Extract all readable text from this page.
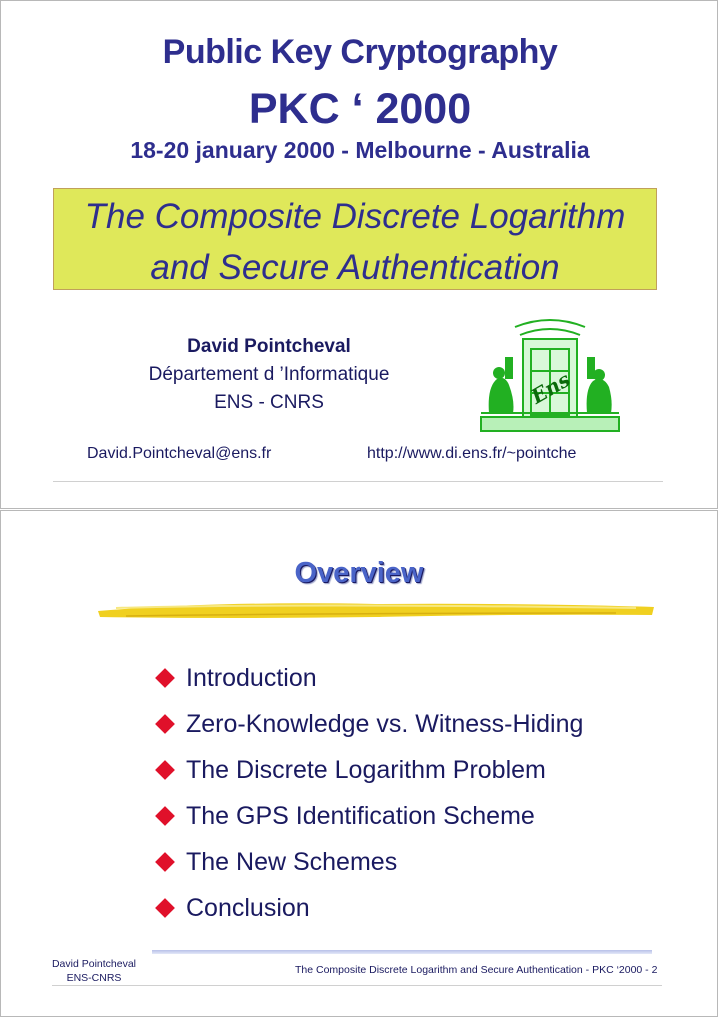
Public Key Cryptography
PKC ‘ 2000
18-20 january 2000 - Melbourne - Australia
The Composite Discrete Logarithm
and Secure Authentication
David Pointcheval
Département d ’Informatique
ENS - CNRS	Ens
David.Pointcheval@ens.fr	http://www.di.ens.fr/~pointche
Overview
Introduction
Zero-Knowledge vs. Witness-Hiding
The Discrete Logarithm Problem
The GPS Identification Scheme
The New Schemes
Conclusion
David Pointcheval
ENS-CNRS
The Composite Discrete Logarithm and Secure Authentication - PKC ‘2000 - 2
